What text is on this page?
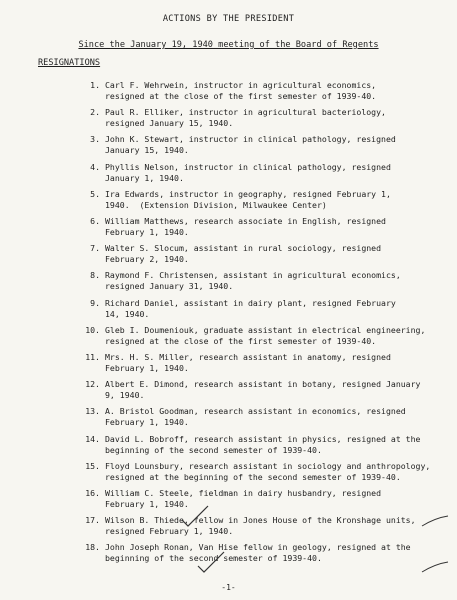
ACTIONS BY THE PRESIDENT
Since the January 19, 1940 meeting of the Board of Regents
RESIGNATIONS
1. Carl F. Wehrwein, instructor in agricultural economics,
resigned at the close of the first semester of 1939-40.
2. Paul R. Elliker, instructor in agricultural bacteriology,
resigned January 15, 1940.
3. John K. Stewart, instructor in clinical pathology, resigned
January 15, 1940.
4. Phyllis Nelson, instructor in clinical pathology, resigned
January 1, 1940.
5. Ira Edwards, instructor in geography, resigned February 1,
1940.  (Extension Division, Milwaukee Center)
6. William Matthews, research associate in English, resigned
February 1, 1940.
7. Walter S. Slocum, assistant in rural sociology, resigned
February 2, 1940.
8. Raymond F. Christensen, assistant in agricultural economics,
resigned January 31, 1940.
9. Richard Daniel, assistant in dairy plant, resigned February
14, 1940.
10. Gleb I. Doumeniouk, graduate assistant in electrical engineering,
resigned at the close of the first semester of 1939-40.
11. Mrs. H. S. Miller, research assistant in anatomy, resigned
February 1, 1940.
12. Albert E. Dimond, research assistant in botany, resigned January
9, 1940.
13. A. Bristol Goodman, research assistant in economics, resigned
February 1, 1940.
14. David L. Bobroff, research assistant in physics, resigned at the
beginning of the second semester of 1939-40.
15. Floyd Lounsbury, research assistant in sociology and anthropology,
resigned at the beginning of the second semester of 1939-40.
16. William C. Steele, fieldman in dairy husbandry, resigned
February 1, 1940.
17. Wilson B. Thiede, fellow in Jones House of the Kronshage units,
resigned February 1, 1940.
18. John Joseph Ronan, Van Hise fellow in geology, resigned at the
beginning of the second semester of 1939-40.
-1-
